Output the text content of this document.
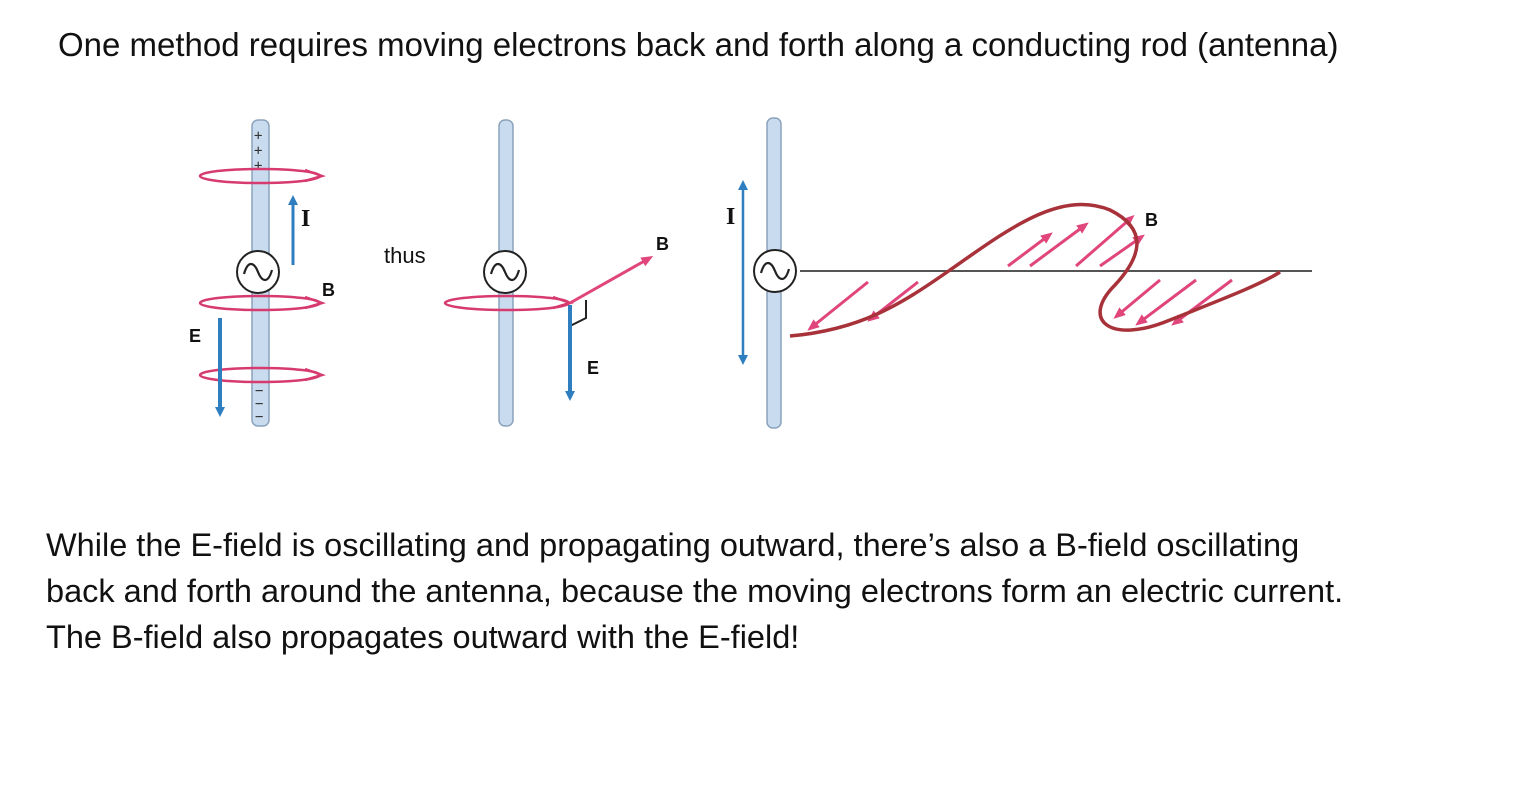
One method requires moving electrons back and forth along a conducting rod (antenna)
+
+
+
−
−
−
I
E
B
thus	B
E
I	B
While the E-field is oscillating and propagating outward, there’s also a B-field oscillating
back and forth around the antenna, because the moving electrons form an electric current.
The B-field also propagates outward with the E-field!
